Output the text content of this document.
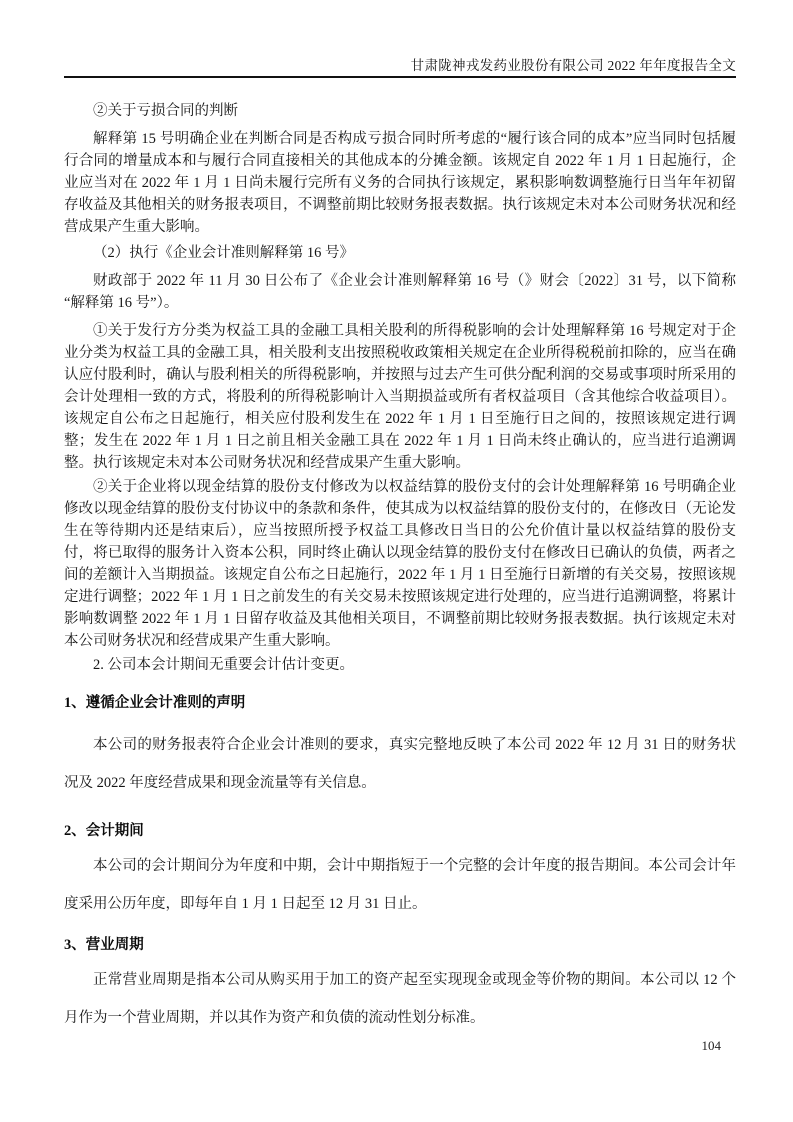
甘肃陇神戎发药业股份有限公司 2022 年年度报告全文

②关于亏损合同的判断

解释第 15 号明确企业在判断合同是否构成亏损合同时所考虑的“履行该合同的成本”应当同时包括履行合同的增量成本和与履行合同直接相关的其他成本的分摊金额。该规定自 2022 年 1 月 1 日起施行，企业应当对在 2022 年 1 月 1 日尚未履行完所有义务的合同执行该规定，累积影响数调整施行日当年年初留存收益及其他相关的财务报表项目，不调整前期比较财务报表数据。执行该规定未对本公司财务状况和经营成果产生重大影响。

（2）执行《企业会计准则解释第 16 号》

财政部于 2022 年 11 月 30 日公布了《企业会计准则解释第 16 号（》财会〔2022〕31 号，以下简称“解释第 16 号”）。

①关于发行方分类为权益工具的金融工具相关股利的所得税影响的会计处理解释第 16 号规定对于企业分类为权益工具的金融工具，相关股利支出按照税收政策相关规定在企业所得税税前扣除的，应当在确认应付股利时，确认与股利相关的所得税影响，并按照与过去产生可供分配利润的交易或事项时所采用的会计处理相一致的方式，将股利的所得税影响计入当期损益或所有者权益项目（含其他综合收益项目）。该规定自公布之日起施行，相关应付股利发生在 2022 年 1 月 1 日至施行日之间的，按照该规定进行调整；发生在 2022 年 1 月 1 日之前且相关金融工具在 2022 年 1 月 1 日尚未终止确认的，应当进行追溯调整。执行该规定未对本公司财务状况和经营成果产生重大影响。

②关于企业将以现金结算的股份支付修改为以权益结算的股份支付的会计处理解释第 16 号明确企业修改以现金结算的股份支付协议中的条款和条件，使其成为以权益结算的股份支付的，在修改日（无论发生在等待期内还是结束后），应当按照所授予权益工具修改日当日的公允价值计量以权益结算的股份支付，将已取得的服务计入资本公积，同时终止确认以现金结算的股份支付在修改日已确认的负债，两者之间的差额计入当期损益。该规定自公布之日起施行，2022 年 1 月 1 日至施行日新增的有关交易，按照该规定进行调整；2022 年 1 月 1 日之前发生的有关交易未按照该规定进行处理的，应当进行追溯调整，将累计影响数调整 2022 年 1 月 1 日留存收益及其他相关项目，不调整前期比较财务报表数据。执行该规定未对本公司财务状况和经营成果产生重大影响。

2. 公司本会计期间无重要会计估计变更。

1、遵循企业会计准则的声明

本公司的财务报表符合企业会计准则的要求，真实完整地反映了本公司 2022 年 12 月 31 日的财务状况及 2022 年度经营成果和现金流量等有关信息。

2、会计期间

本公司的会计期间分为年度和中期，会计中期指短于一个完整的会计年度的报告期间。本公司会计年度采用公历年度，即每年自 1 月 1 日起至 12 月 31 日止。

3、营业周期

正常营业周期是指本公司从购买用于加工的资产起至实现现金或现金等价物的期间。本公司以 12 个月作为一个营业周期，并以其作为资产和负债的流动性划分标准。

104
